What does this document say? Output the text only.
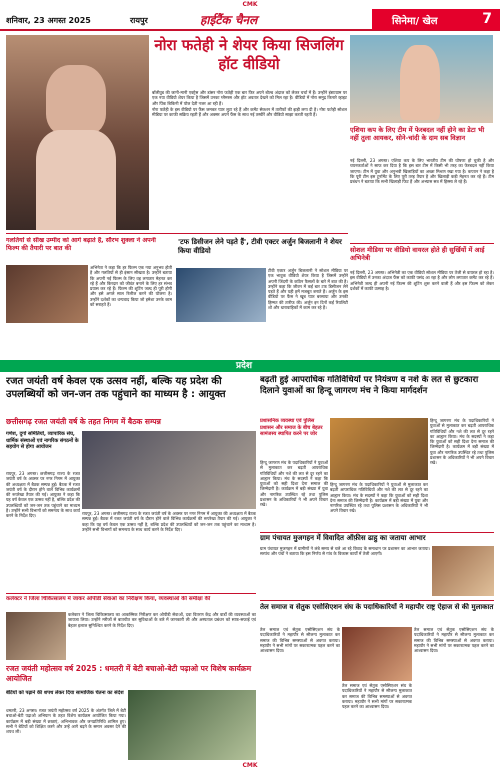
CMK
शनिवार, 23 अगस्त 2025	रायपुर	हाईटैंक चैनल	सिनेमा/ खेल	7
नोरा फतेही ने शेयर किया सिजलिंग हॉट वीडियो

बॉलीवुड की जानी-मानी एक्ट्रेस और डांसर नोरा फतेही एक बार फिर अपने बोल्ड अंदाज को लेकर चर्चा में हैं। उन्होंने इंस्टाग्राम पर एक नया वीडियो शेयर किया है जिसमें उनका ग्लैमरस और हॉट अवतार देखने को मिल रहा है। वीडियो में नोरा समुद्र किनारे व्हाइट और पिंक बिकिनी में पोज देती नजर आ रही हैं।

नोरा फतेही के इस वीडियो पर फैंस जमकर प्यार लुटा रहे हैं और कमेंट सेक्शन में तारीफों की झड़ी लगा दी है। नोरा फतेही सोशल मीडिया पर काफी सक्रिय रहती हैं और अक्सर अपने फैंस के साथ नई तस्वीरें और वीडियो साझा करती रहती हैं।

एशिया कप के लिए टीम में फेरबदल नहीं होने का डेटा भी नहीं तुला आयकर, सोने-चांदी के दाम सब विज्ञान
नई दिल्ली, 23 अगस्त। एशिया कप के लिए भारतीय टीम की घोषणा हो चुकी है और चयनकर्ताओं ने साफ कर दिया है कि इस बार टीम में किसी भी तरह का फेरबदल नहीं किया जाएगा। टीम में युवा और अनुभवी खिलाड़ियों का अच्छा मिश्रण रखा गया है। कप्तान ने कहा है कि पूरी टीम इस टूर्नामेंट के लिए पूरी तरह तैयार है और खिलाड़ी कड़ी मेहनत कर रहे हैं। टीम प्रबंधन ने बताया कि सभी खिलाड़ी फिट हैं और अभ्यास सत्र में हिस्सा ले रहे हैं।
सोशल मीडिया पर वीडियो वायरल होते ही सुर्खियों में आई अभिनेत्री
नई दिल्ली, 23 अगस्त। अभिनेत्री का एक वीडियो सोशल मीडिया पर तेजी से वायरल हो रहा है। इस वीडियो में उनका अंदाज फैंस को काफी पसंद आ रहा है और लोग लगातार कमेंट कर रहे हैं। अभिनेत्री जल्द ही अपनी नई फिल्म की शूटिंग शुरू करने वाली हैं और इस फिल्म को लेकर दर्शकों में काफी उत्साह है।
गलतियों से सीख उम्मीद को आगे बढ़ाते हैं, सौरभ शुक्ला ने अपनी फिल्म की तैयारी पर बात की
अभिनेता ने कहा कि हर फिल्म एक नया अनुभव होती है और गलतियों से ही इंसान सीखता है। उन्होंने बताया कि अपनी नई फिल्म के लिए वह लगातार मेहनत कर रहे हैं और किरदार को जीवंत बनाने के लिए हर संभव प्रयास कर रहे हैं। फिल्म की शूटिंग जल्द ही पूरी होगी और इसे अगले साल रिलीज करने की योजना है। उन्होंने दर्शकों का धन्यवाद किया जो हमेशा उनके काम को सराहते हैं।
'टफ डिसीजन लेने पड़ते हैं', टीवी एक्टर अर्जुन बिजलानी ने शेयर किया वीडियो
टीवी एक्टर अर्जुन बिजलानी ने सोशल मीडिया पर एक भावुक वीडियो शेयर किया है जिसमें उन्होंने अपनी जिंदगी के कठिन फैसलों के बारे में बात की है। उन्होंने कहा कि जीवन में कई बार टफ डिसीजन लेने पड़ते हैं और यही हमें मजबूत बनाते हैं। अर्जुन के इस वीडियो पर फैंस ने खूब प्यार बरसाया और उनकी हिम्मत की तारीफ की। अर्जुन इन दिनों कई रियलिटी शो और धारावाहिकों में काम कर रहे हैं।
प्रदेश
रजत जयंती वर्ष केवल एक उत्सव नहीं, बल्कि यह प्रदेश की उपलब्धियों को जन-जन तक पहुंचाने का माध्यम है : आयुक्त
छत्तीसगढ़ रजत जयंती वर्ष के तहत निगम में बैठक सम्पन्न
गणेश, दुर्गा समितियों, व्यापारिक संघ, धार्मिक संस्थाओं एवं नागरिक संगठनों के सहयोग से होगा आयोजन
रायपुर, 23 अगस्त। छत्तीसगढ़ राज्य के रजत जयंती वर्ष के अवसर पर नगर निगम में आयुक्त की अध्यक्षता में बैठक सम्पन्न हुई। बैठक में रजत जयंती वर्ष के दौरान होने वाले विभिन्न कार्यक्रमों की रूपरेखा तैयार की गई। आयुक्त ने कहा कि यह वर्ष केवल एक उत्सव नहीं है, बल्कि प्रदेश की उपलब्धियों को जन-जन तक पहुंचाने का माध्यम है। उन्होंने सभी विभागों को समन्वय के साथ कार्य करने के निर्देश दिए।	रायपुर, 23 अगस्त। छत्तीसगढ़ राज्य के रजत जयंती वर्ष के अवसर पर नगर निगम में आयुक्त की अध्यक्षता में बैठक सम्पन्न हुई। बैठक में रजत जयंती वर्ष के दौरान होने वाले विभिन्न कार्यक्रमों की रूपरेखा तैयार की गई। आयुक्त ने कहा कि यह वर्ष केवल एक उत्सव नहीं है, बल्कि प्रदेश की उपलब्धियों को जन-जन तक पहुंचाने का माध्यम है। उन्होंने सभी विभागों को समन्वय के साथ कार्य करने के निर्देश दिए।
कलेक्टर ने जिला चिकित्सालय में जाकर ओपीडी सेवाओं का निरीक्षण किया, व्यवस्थाओं की समीक्षा की
कलेक्टर ने जिला चिकित्सालय का आकस्मिक निरीक्षण कर ओपीडी सेवाओं, दवा वितरण केंद्र और वार्डों की व्यवस्थाओं का जायजा लिया। उन्होंने मरीजों से बातचीत कर सुविधाओं के बारे में जानकारी ली और अस्पताल प्रबंधन को साफ-सफाई एवं बेहतर इलाज सुनिश्चित करने के निर्देश दिए।
बढ़ती हुई आपराधिक गतिविधियों पर नियंत्रण व नशे के लत से छुटकारा दिलाने युवाओं का हिन्दू जागरण मंच ने किया मार्गदर्शन
प्रशासनिक व्यवस्था एवं पुलिस प्रशासन और समाज के बीच बेहतर सामंजस्य स्थापित करने पर जोर
हिन्दू जागरण मंच के पदाधिकारियों ने युवाओं से मुलाकात कर बढ़ती आपराधिक गतिविधियों और नशे की लत से दूर रहने का आह्वान किया। मंच के सदस्यों ने कहा कि युवाओं को सही दिशा देना समाज की जिम्मेदारी है। कार्यक्रम में बड़ी संख्या में युवा और नागरिक उपस्थित रहे तथा पुलिस प्रशासन के अधिकारियों ने भी अपने विचार रखे।
हिन्दू जागरण मंच के पदाधिकारियों ने युवाओं से मुलाकात कर बढ़ती आपराधिक गतिविधियों और नशे की लत से दूर रहने का आह्वान किया। मंच के सदस्यों ने कहा कि युवाओं को सही दिशा देना समाज की जिम्मेदारी है। कार्यक्रम में बड़ी संख्या में युवा और नागरिक उपस्थित रहे तथा पुलिस प्रशासन के अधिकारियों ने भी अपने विचार रखे।
हिन्दू जागरण मंच के पदाधिकारियों ने युवाओं से मुलाकात कर बढ़ती आपराधिक गतिविधियों और नशे की लत से दूर रहने का आह्वान किया। मंच के सदस्यों ने कहा कि युवाओं को सही दिशा देना समाज की जिम्मेदारी है। कार्यक्रम में बड़ी संख्या में युवा और नागरिक उपस्थित रहे तथा पुलिस प्रशासन के अधिकारियों ने भी अपने विचार रखे।
ग्राम पंचायत मुजगहन में विवादित ऑफ़ीस ढाहु का जताया आभार
ग्राम पंचायत मुजगहन में ग्रामीणों ने लंबे समय से चले आ रहे विवाद के समाधान पर प्रशासन का आभार जताया। सरपंच और पंचों ने बताया कि इस निर्णय से गांव के विकास कार्यों में तेजी आएगी।
रजत जयंती महोत्सव वर्ष 2025 : धमतरी में बेटी बचाओ-बेटी पढ़ाओ पर विशेष कार्यक्रम आयोजित
बेटियों को पढ़ाने की शपथ लेकर दिया सामाजिक चेतना का संदेश
धमतरी, 23 अगस्त। रजत जयंती महोत्सव वर्ष 2025 के अंतर्गत जिले में बेटी बचाओ-बेटी पढ़ाओ अभियान के तहत विशेष कार्यक्रम आयोजित किया गया। कार्यक्रम में बड़ी संख्या में छात्राएं, अभिभावक और जनप्रतिनिधि शामिल हुए। सभी ने बेटियों को शिक्षित करने और उन्हें आगे बढ़ने के समान अवसर देने की शपथ ली।
तेल समाज व सेतुक एसोसिएशन संघ के पदाधिकारियों ने महापौर राष्ट्र ऐहाज से की मुलाकात
तेल समाज एवं सेतुक एसोसिएशन संघ के पदाधिकारियों ने महापौर से सौजन्य मुलाकात कर समाज की विभिन्न समस्याओं से अवगत कराया। महापौर ने सभी मांगों पर सकारात्मक पहल करने का आश्वासन दिया।
तेल समाज एवं सेतुक एसोसिएशन संघ के पदाधिकारियों ने महापौर से सौजन्य मुलाकात कर समाज की विभिन्न समस्याओं से अवगत कराया। महापौर ने सभी मांगों पर सकारात्मक पहल करने का आश्वासन दिया।
तेल समाज एवं सेतुक एसोसिएशन संघ के पदाधिकारियों ने महापौर से सौजन्य मुलाकात कर समाज की विभिन्न समस्याओं से अवगत कराया। महापौर ने सभी मांगों पर सकारात्मक पहल करने का आश्वासन दिया।
CMK
